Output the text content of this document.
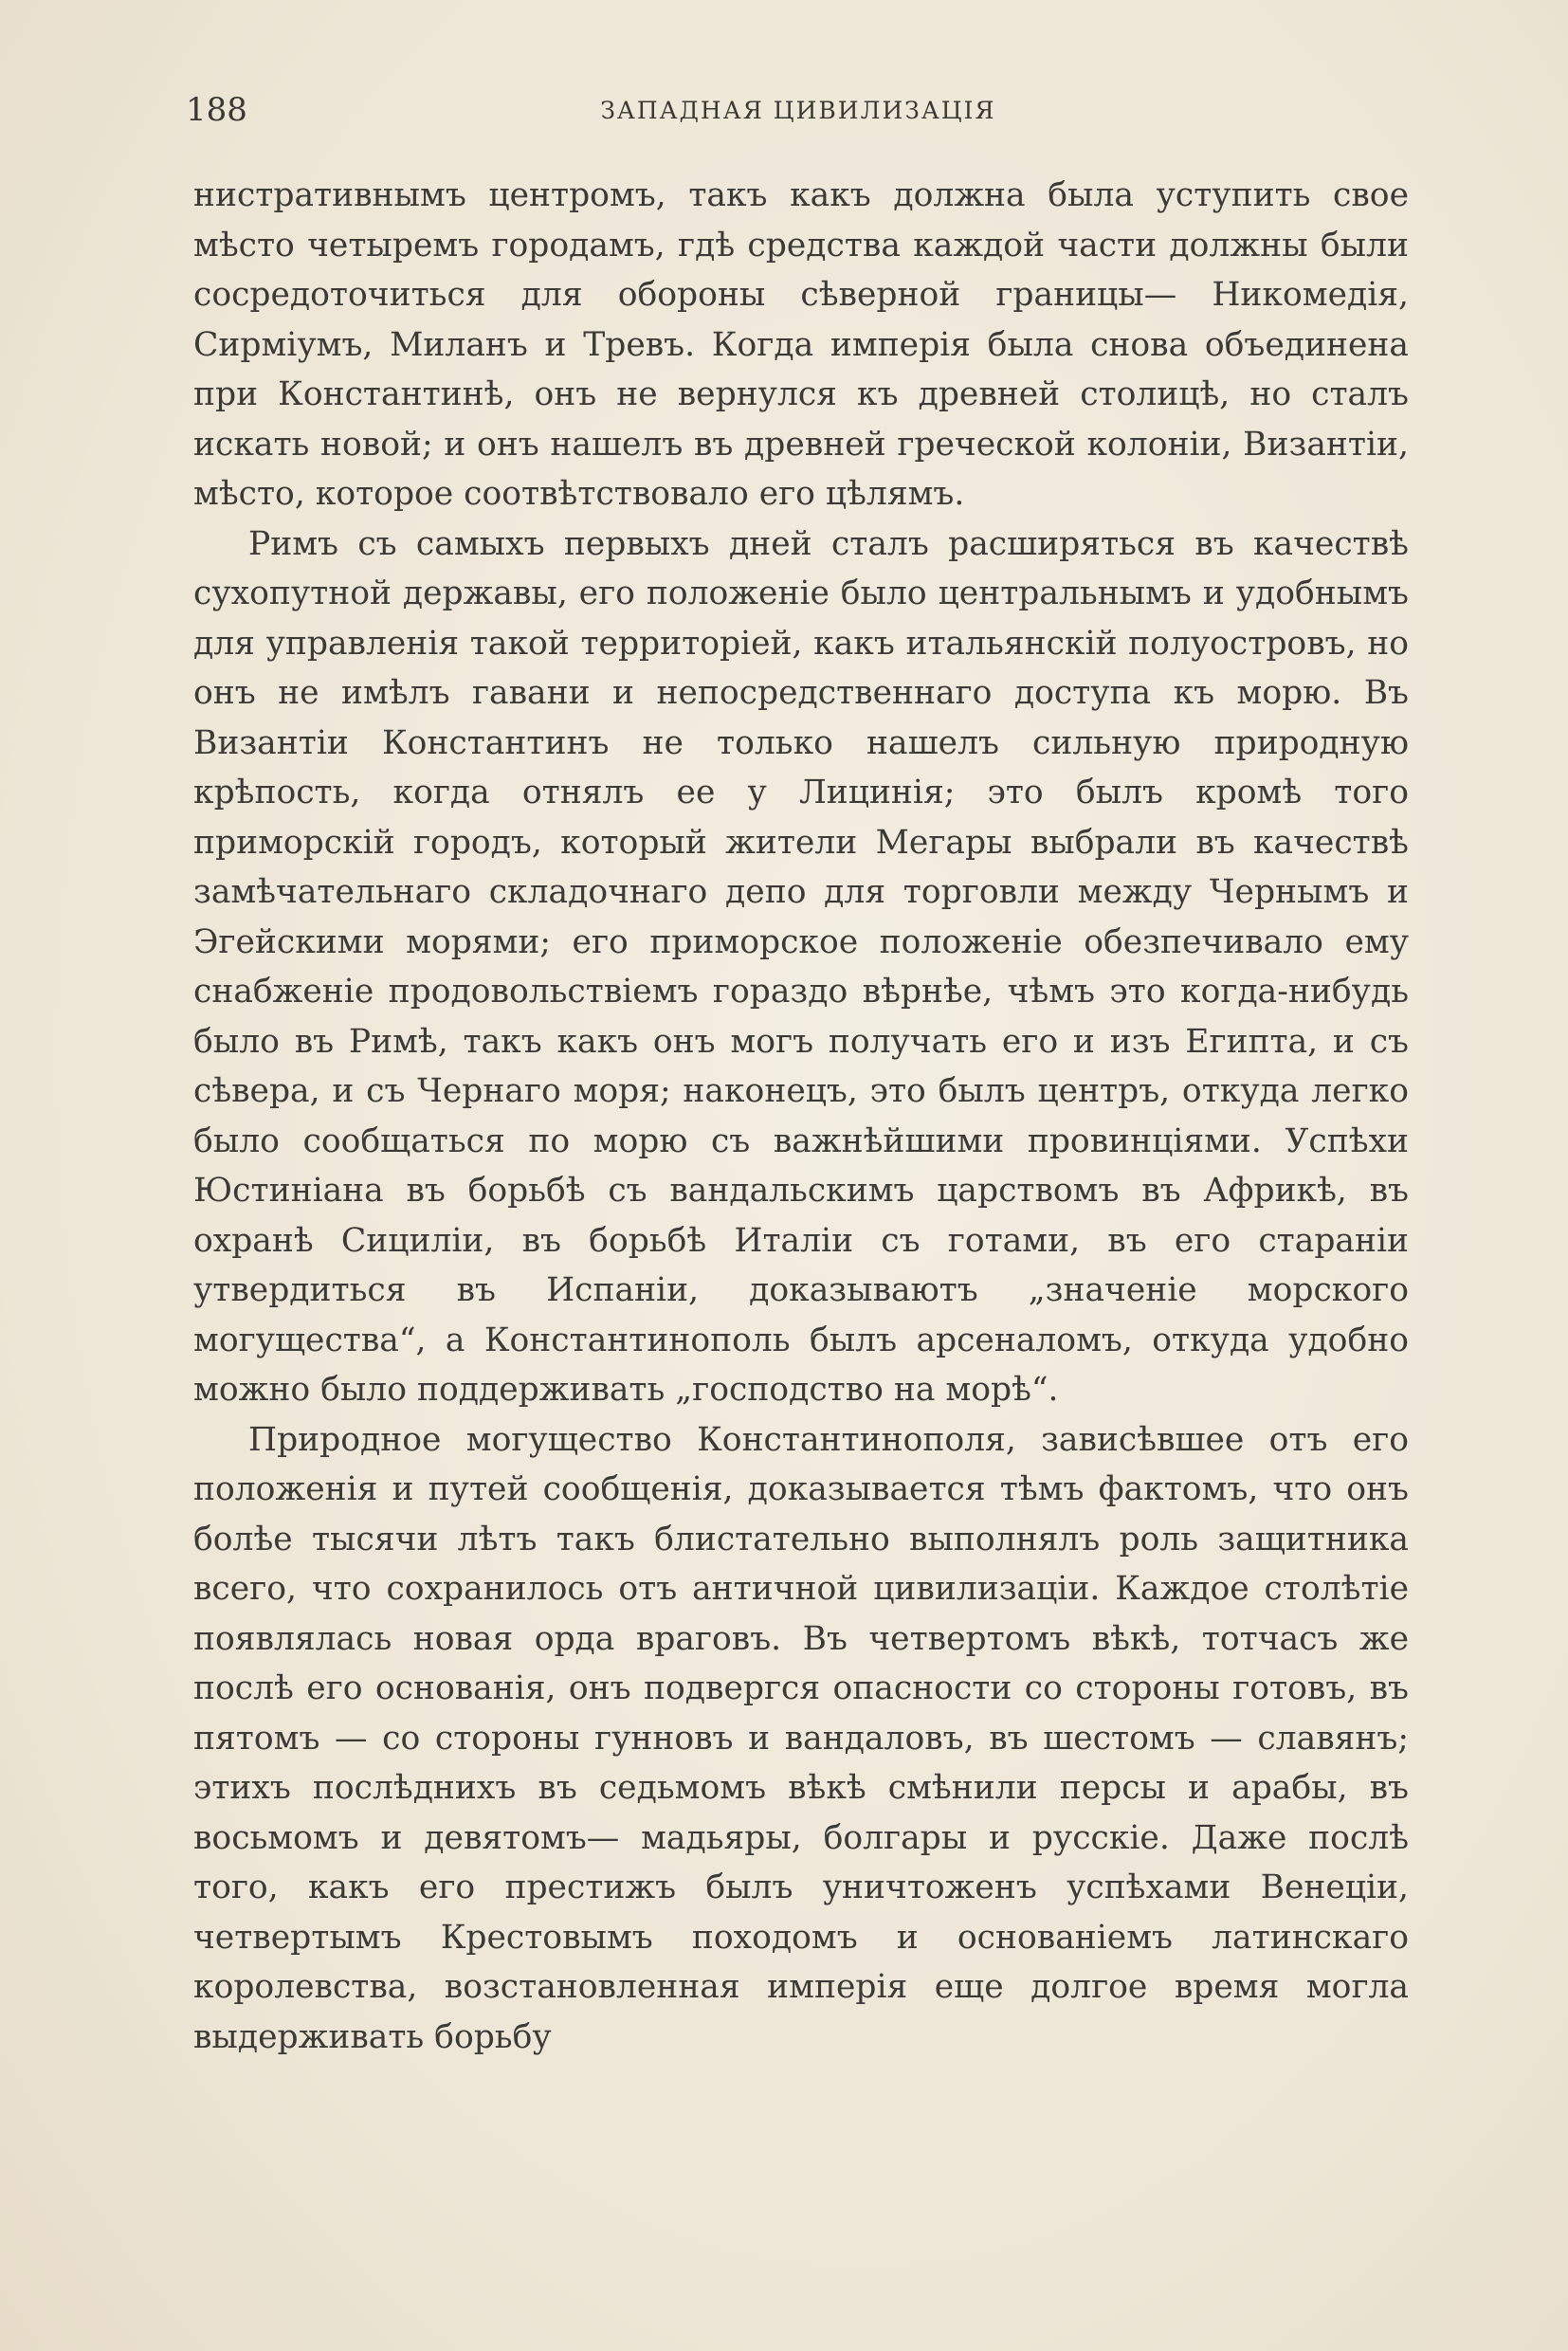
188	ЗАПАДНАЯ ЦИВИЛИЗАЦІЯ

нистративнымъ центромъ, такъ какъ должна была уступить свое мѣсто четыремъ городамъ, гдѣ средства каждой части должны были сосредоточиться для обороны сѣверной границы— Никомедія, Сирміумъ, Миланъ и Тревъ. Когда имперія была снова объединена при Константинѣ, онъ не вернулся къ древней столицѣ, но сталъ искать новой; и онъ нашелъ въ древней греческой колоніи, Византіи, мѣсто, которое соотвѣтствовало его цѣлямъ.

Римъ съ самыхъ первыхъ дней сталъ расширяться въ качествѣ сухопутной державы, его положеніе было центральнымъ и удобнымъ для управленія такой территоріей, какъ итальянскій полуостровъ, но онъ не имѣлъ гавани и непосредственнаго доступа къ морю. Въ Византіи Константинъ не только нашелъ сильную природную крѣпость, когда отнялъ ее у Лицинія; это былъ кромѣ того приморскій городъ, который жители Мегары выбрали въ качествѣ замѣчательнаго складочнаго депо для торговли между Чернымъ и Эгейскими морями; его приморское положеніе обезпечивало ему снабженіе продовольствіемъ гораздо вѣрнѣе, чѣмъ это когда-нибудь было въ Римѣ, такъ какъ онъ могъ получать его и изъ Египта, и съ сѣвера, и съ Чернаго моря; наконецъ, это былъ центръ, откуда легко было сообщаться по морю съ важнѣйшими провинціями. Успѣхи Юстиніана въ борьбѣ съ вандальскимъ царствомъ въ Африкѣ, въ охранѣ Сициліи, въ борьбѣ Италіи съ готами, въ его стараніи утвердиться въ Испаніи, доказываютъ „значеніе морского могущества“, а Константинополь былъ арсеналомъ, откуда удобно можно было поддерживать „господство на морѣ“.

Природное могущество Константинополя, зависѣвшее отъ его положенія и путей сообщенія, доказывается тѣмъ фактомъ, что онъ болѣе тысячи лѣтъ такъ блистательно выполнялъ роль защитника всего, что сохранилось отъ античной цивилизаціи. Каждое столѣтіе появлялась новая орда враговъ. Въ четвертомъ вѣкѣ, тотчасъ же послѣ его основанія, онъ подвергся опасности со стороны готовъ, въ пятомъ — со стороны гунновъ и вандаловъ, въ шестомъ — славянъ; этихъ послѣднихъ въ седьмомъ вѣкѣ смѣнили персы и арабы, въ восьмомъ и девятомъ— мадьяры, болгары и русскіе. Даже послѣ того, какъ его престижъ былъ уничтоженъ успѣхами Венеціи, четвертымъ Крестовымъ походомъ и основаніемъ латинскаго королевства, возстановленная имперія еще долгое время могла выдерживать борьбу
